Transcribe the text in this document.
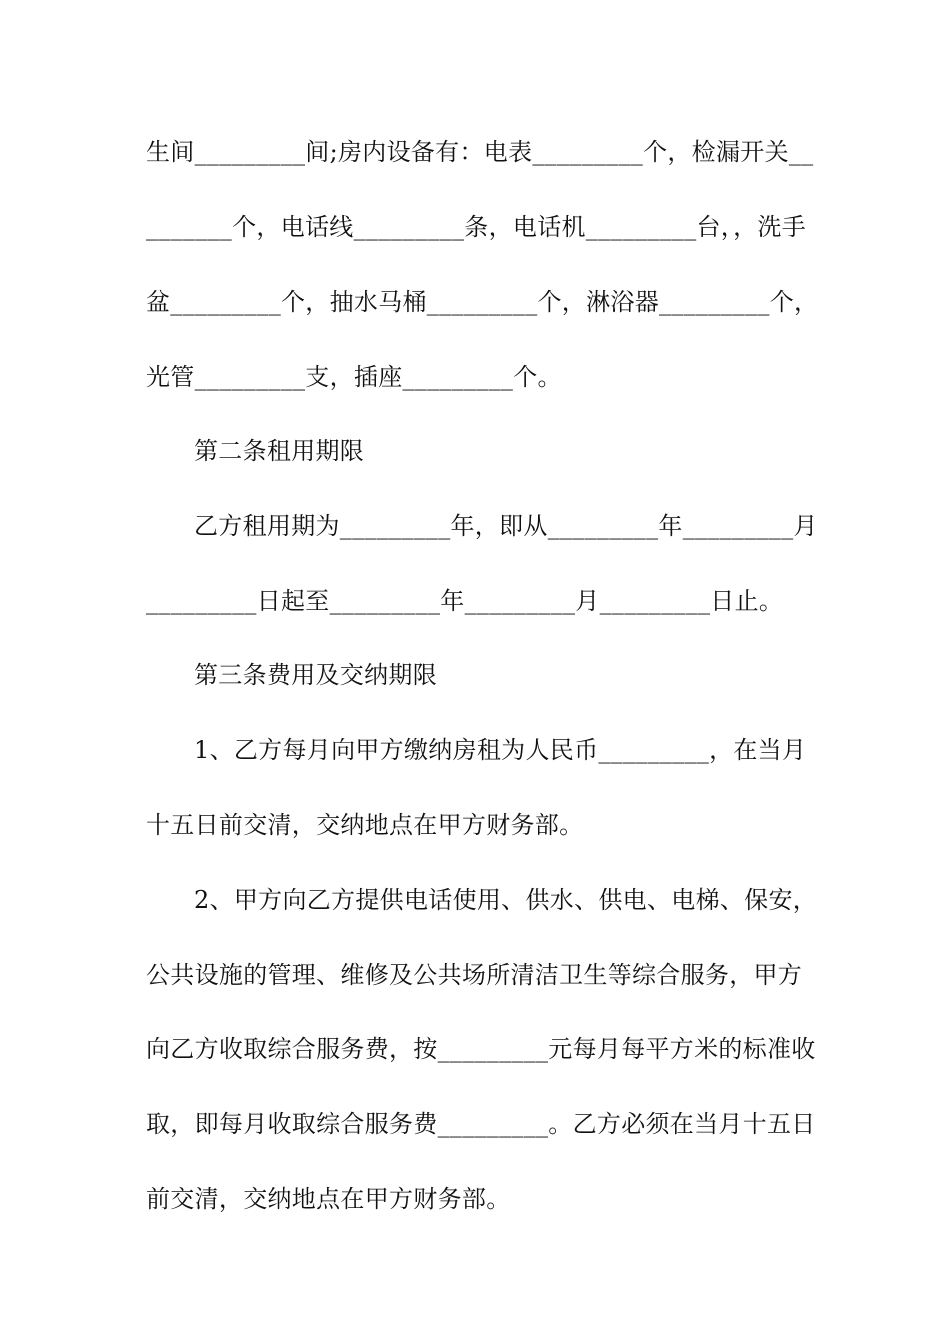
生间_________间;房内设备有：电表_________个，检漏开关__

_______个，电话线_________条，电话机_________台，，洗手

盆_________个，抽水马桶_________个，淋浴器_________个，

光管_________支，插座_________个。

第二条租用期限

乙方租用期为_________年，即从_________年_________月

_________日起至_________年_________月_________日止。

第三条费用及交纳期限

1、乙方每月向甲方缴纳房租为人民币_________，在当月

十五日前交清，交纳地点在甲方财务部。

2、甲方向乙方提供电话使用、供水、供电、电梯、保安，

公共设施的管理、维修及公共场所清洁卫生等综合服务，甲方

向乙方收取综合服务费，按_________元每月每平方米的标准收

取，即每月收取综合服务费_________。乙方必须在当月十五日

前交清，交纳地点在甲方财务部。
